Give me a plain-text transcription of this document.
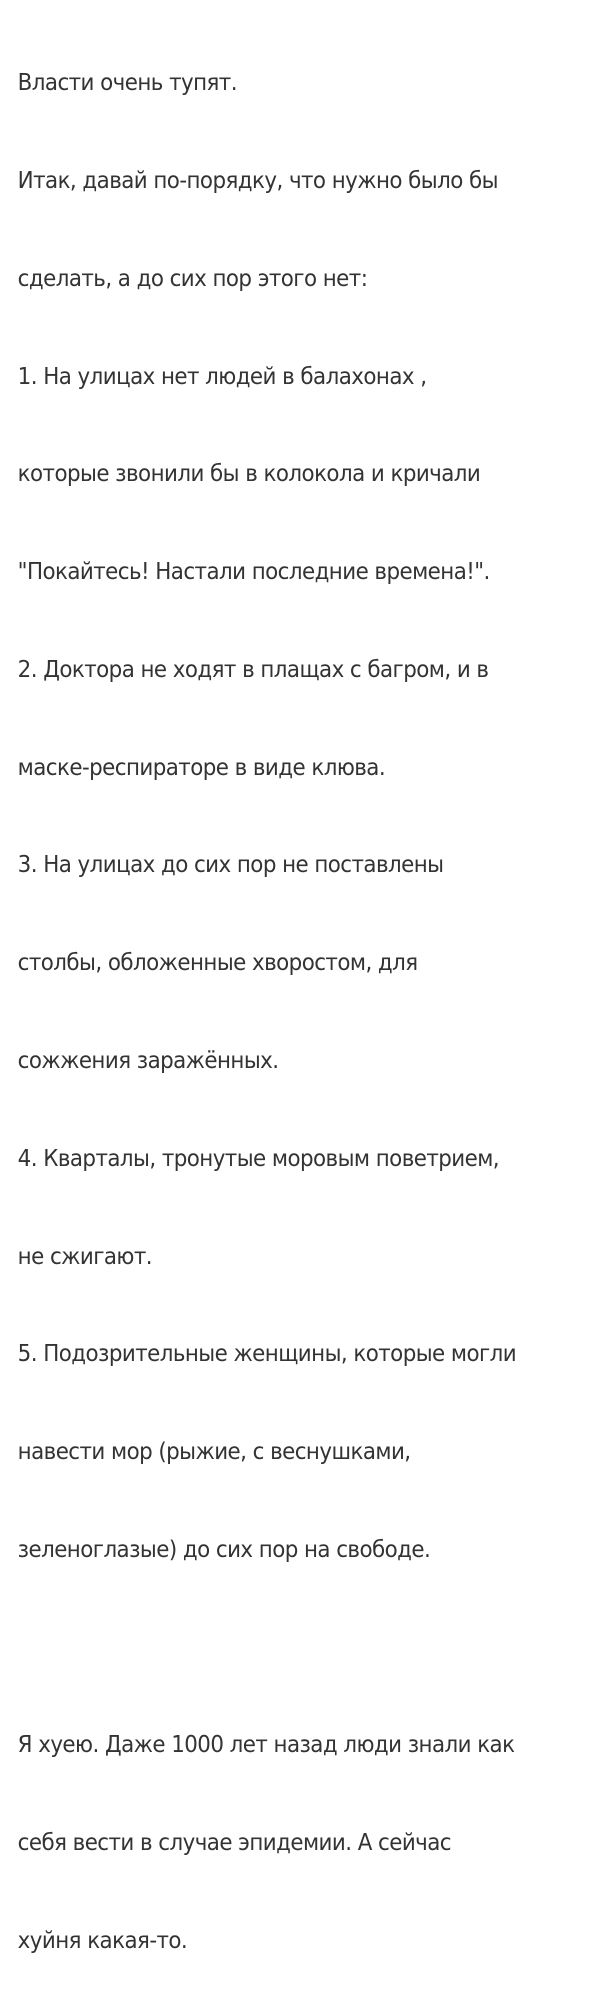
Власти очень тупят.

Итак, давай по-порядку, что нужно было бы

сделать, а до сих пор этого нет:

1. На улицах нет людей в балахонах ,

которые звонили бы в колокола и кричали

"Покайтесь! Настали последние времена!".

2. Доктора не ходят в плащах с багром, и в

маске-респираторе в виде клюва.

3. На улицах до сих пор не поставлены

столбы, обложенные хворостом, для

сожжения заражённых.

4. Кварталы, тронутые моровым поветрием,

не сжигают.

5. Подозрительные женщины, которые могли

навести мор (рыжие, с веснушками,

зеленоглазые) до сих пор на свободе.

Я хуею. Даже 1000 лет назад люди знали как

себя вести в случае эпидемии. А сейчас

хуйня какая-то.
